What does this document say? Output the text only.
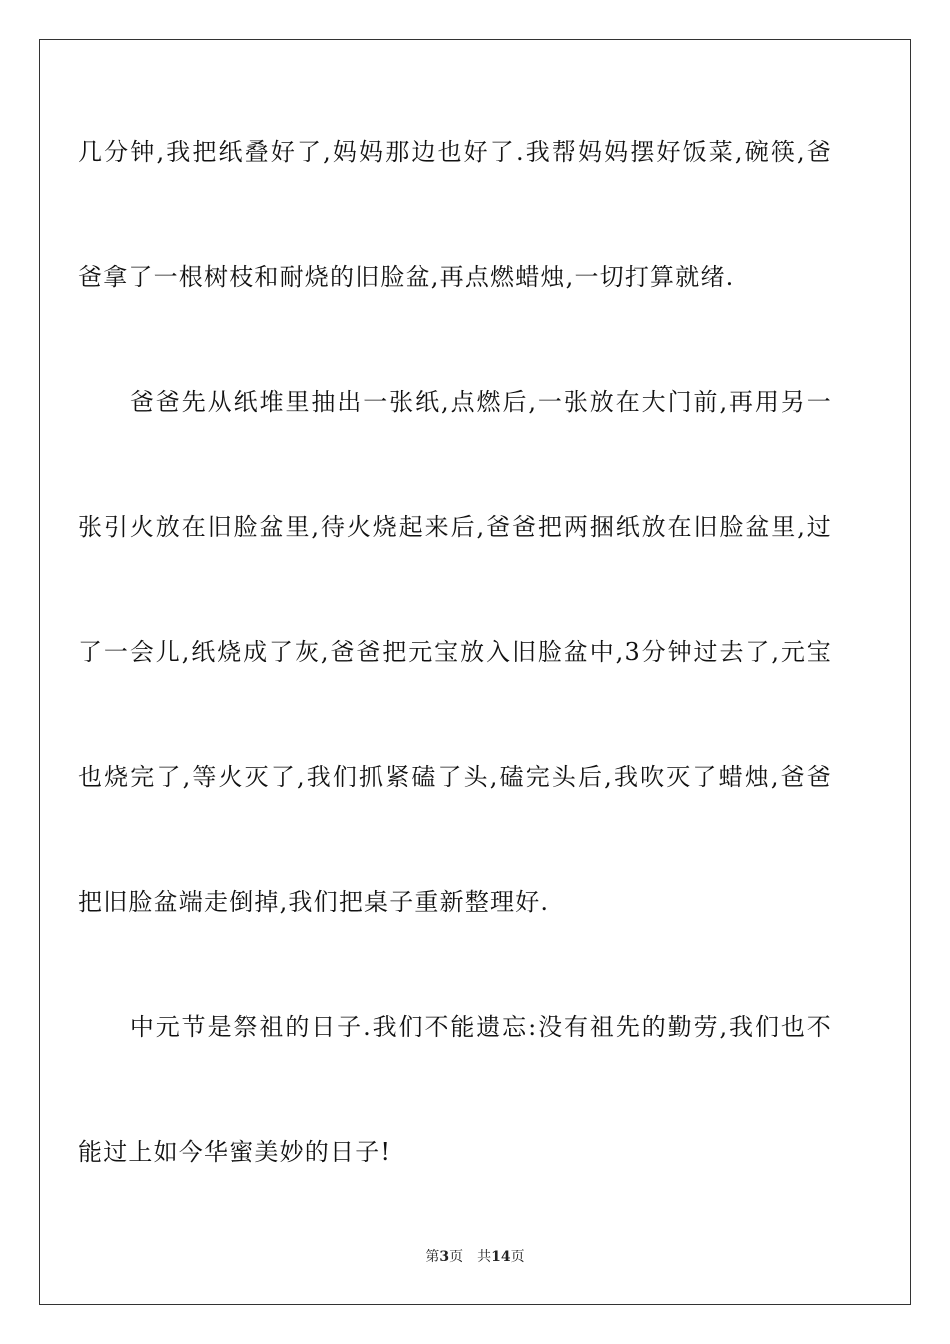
几分钟,我把纸叠好了,妈妈那边也好了.我帮妈妈摆好饭菜,碗筷,爸
爸拿了一根树枝和耐烧的旧脸盆,再点燃蜡烛,一切打算就绪.
　　爸爸先从纸堆里抽出一张纸,点燃后,一张放在大门前,再用另一
张引火放在旧脸盆里,待火烧起来后,爸爸把两捆纸放在旧脸盆里,过
了一会儿,纸烧成了灰,爸爸把元宝放入旧脸盆中,3分钟过去了,元宝
也烧完了,等火灭了,我们抓紧磕了头,磕完头后,我吹灭了蜡烛,爸爸
把旧脸盆端走倒掉,我们把桌子重新整理好.
　　中元节是祭祖的日子.我们不能遗忘:没有祖先的勤劳,我们也不
能过上如今华蜜美妙的日子!
第3页 共14页
